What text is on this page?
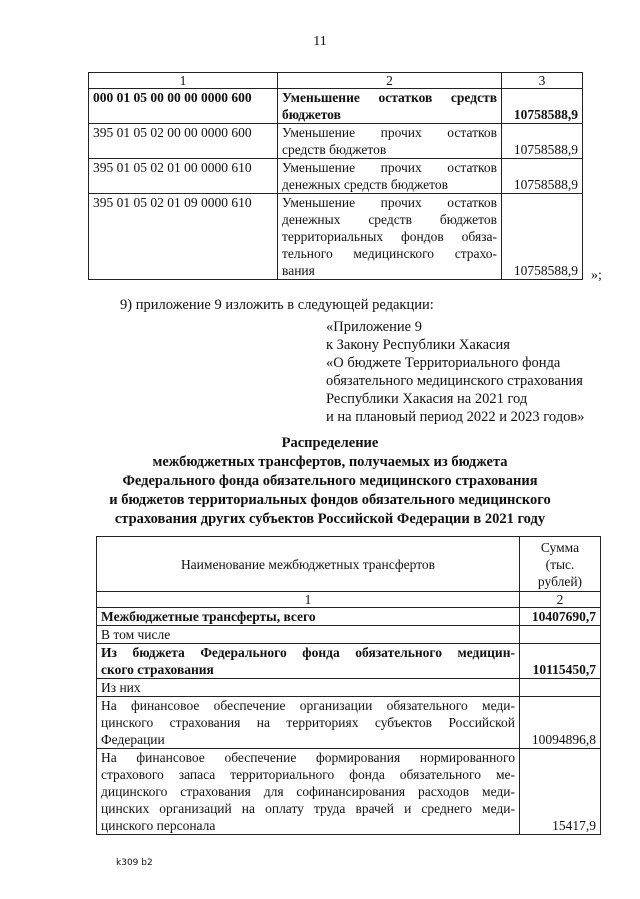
11
1	2	3
000 01 05 00 00 00 0000 600	Уменьшение остатков средств
бюджетов	10758588,9
395 01 05 02 00 00 0000 600	Уменьшение прочих остатков
средств бюджетов	10758588,9
395 01 05 02 01 00 0000 610	Уменьшение прочих остатков
денежных средств бюджетов	10758588,9
395 01 05 02 01 09 0000 610	Уменьшение прочих остатков
денежных средств бюджетов
территориальных фондов обяза-
тельного медицинского страхо-
вания	10758588,9 »;
9) приложение 9 изложить в следующей редакции:
«Приложение 9
к Закону Республики Хакасия
«О бюджете Территориального фонда
обязательного медицинского страхования
Республики Хакасия на 2021 год
и на плановый период 2022 и 2023 годов»
Распределение
межбюджетных трансфертов, получаемых из бюджета
Федерального фонда обязательного медицинского страхования
и бюджетов территориальных фондов обязательного медицинского
страхования других субъектов Российской Федерации в 2021 году
Наименование межбюджетных трансфертов	Сумма
(тыс.
рублей)

1	2

Межбюджетные трансферты, всего	10407690,7

В том числе	

Из бюджета Федерального фонда обязательного медицин-
ского страхования	10115450,7

Из них	

На финансовое обеспечение организации обязательного меди-
цинского страхования на территориях субъектов Российской
Федерации	10094896,8

На финансовое обеспечение формирования нормированного
страхового запаса территориального фонда обязательного ме-
дицинского страхования для софинансирования расходов меди-
цинских организаций на оплату труда врачей и среднего меди-
цинского персонала	15417,9
k309 b2
